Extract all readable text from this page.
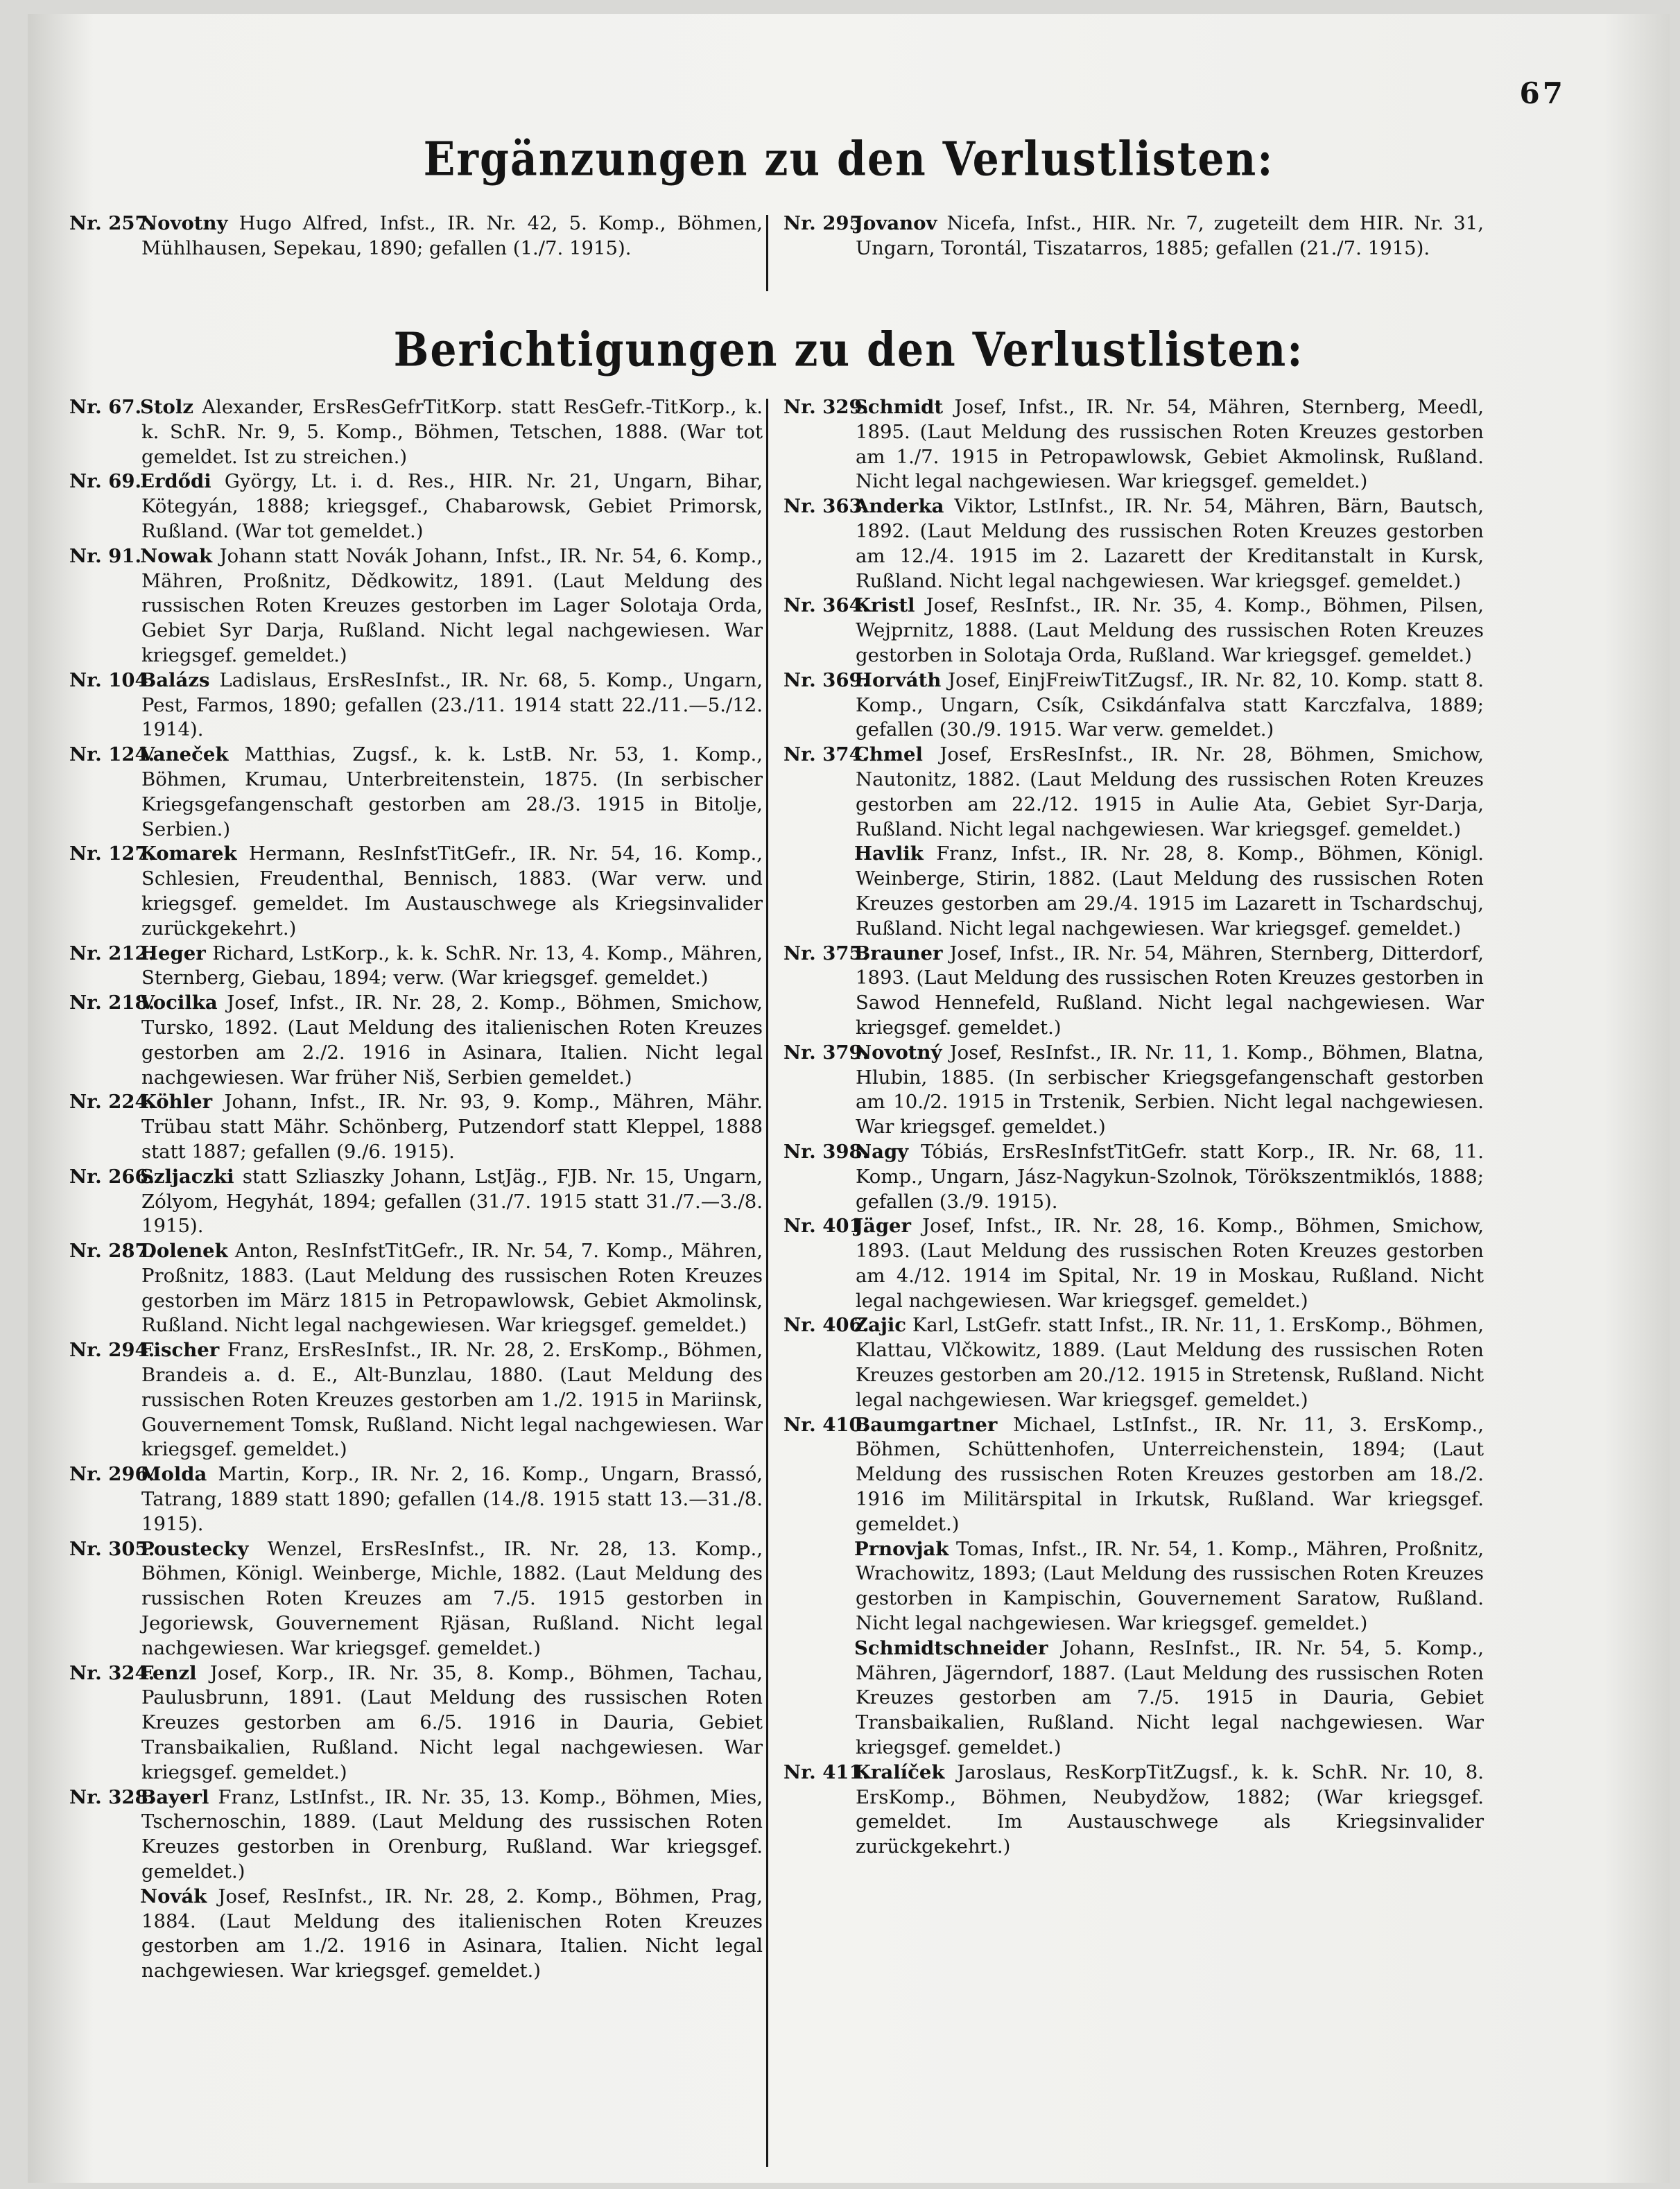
67
Ergänzungen zu den Verlustlisten:

Nr. 257.Novotny Hugo Alfred, Infst., IR. Nr. 42, 5. Komp., Böhmen, Mühlhausen, Sepekau, 1890; gefallen (1./7. 1915).

Nr. 295.Jovanov Nicefa, Infst., HIR. Nr. 7, zugeteilt dem HIR. Nr. 31, Ungarn, Torontál, Tiszatarros, 1885; gefallen (21./7. 1915).

Berichtigungen zu den Verlustlisten:

Nr. 67.Stolz Alexander, ErsResGefrTitKorp. statt ResGefr.-TitKorp., k. k. SchR. Nr. 9, 5. Komp., Böhmen, Tetschen, 1888. (War tot gemeldet. Ist zu streichen.)

Nr. 69.Erdődi György, Lt. i. d. Res., HIR. Nr. 21, Ungarn, Bihar, Kötegyán, 1888; kriegsgef., Chabarowsk, Gebiet Primorsk, Rußland. (War tot gemeldet.)

Nr. 91.Nowak Johann statt Novák Johann, Infst., IR. Nr. 54, 6. Komp., Mähren, Proßnitz, Dědkowitz, 1891. (Laut Meldung des russischen Roten Kreuzes gestorben im Lager Solotaja Orda, Gebiet Syr Darja, Rußland. Nicht legal nachgewiesen. War kriegsgef. gemeldet.)

Nr. 104.Balázs Ladislaus, ErsResInfst., IR. Nr. 68, 5. Komp., Ungarn, Pest, Farmos, 1890; gefallen (23./11. 1914 statt 22./11.—5./12. 1914).

Nr. 124.Vaneček Matthias, Zugsf., k. k. LstB. Nr. 53, 1. Komp., Böhmen, Krumau, Unterbreitenstein, 1875. (In serbischer Kriegsgefangenschaft gestorben am 28./3. 1915 in Bitolje, Serbien.)

Nr. 127.Komarek Hermann, ResInfstTitGefr., IR. Nr. 54, 16. Komp., Schlesien, Freudenthal, Bennisch, 1883. (War verw. und kriegsgef. gemeldet. Im Austauschwege als Kriegsinvalider zurückgekehrt.)

Nr. 212.Heger Richard, LstKorp., k. k. SchR. Nr. 13, 4. Komp., Mähren, Sternberg, Giebau, 1894; verw. (War kriegsgef. gemeldet.)

Nr. 218.Vocilka Josef, Infst., IR. Nr. 28, 2. Komp., Böhmen, Smichow, Tursko, 1892. (Laut Meldung des italienischen Roten Kreuzes gestorben am 2./2. 1916 in Asinara, Italien. Nicht legal nachgewiesen. War früher Niš, Serbien gemeldet.)

Nr. 224.Köhler Johann, Infst., IR. Nr. 93, 9. Komp., Mähren, Mähr. Trübau statt Mähr. Schönberg, Putzendorf statt Kleppel, 1888 statt 1887; gefallen (9./6. 1915).

Nr. 266.Szljaczki statt Szliaszky Johann, LstJäg., FJB. Nr. 15, Ungarn, Zólyom, Hegyhát, 1894; gefallen (31./7. 1915 statt 31./7.—3./8. 1915).

Nr. 287.Dolenek Anton, ResInfstTitGefr., IR. Nr. 54, 7. Komp., Mähren, Proßnitz, 1883. (Laut Meldung des russischen Roten Kreuzes gestorben im März 1815 in Petropawlowsk, Gebiet Akmolinsk, Rußland. Nicht legal nachgewiesen. War kriegsgef. gemeldet.)

Nr. 294.Fischer Franz, ErsResInfst., IR. Nr. 28, 2. ErsKomp., Böhmen, Brandeis a. d. E., Alt-Bunzlau, 1880. (Laut Meldung des russischen Roten Kreuzes gestorben am 1./2. 1915 in Mariinsk, Gouvernement Tomsk, Rußland. Nicht legal nachgewiesen. War kriegsgef. gemeldet.)

Nr. 296.Molda Martin, Korp., IR. Nr. 2, 16. Komp., Ungarn, Brassó, Tatrang, 1889 statt 1890; gefallen (14./8. 1915 statt 13.—31./8. 1915).

Nr. 305.Pousteckу Wenzel, ErsResInfst., IR. Nr. 28, 13. Komp., Böhmen, Königl. Weinberge, Michle, 1882. (Laut Meldung des russischen Roten Kreuzes am 7./5. 1915 gestorben in Jegoriewsk, Gouvernement Rjäsan, Rußland. Nicht legal nachgewiesen. War kriegsgef. gemeldet.)

Nr. 324.Fenzl Josef, Korp., IR. Nr. 35, 8. Komp., Böhmen, Tachau, Paulusbrunn, 1891. (Laut Meldung des russischen Roten Kreuzes gestorben am 6./5. 1916 in Dauria, Gebiet Transbaikalien, Rußland. Nicht legal nachgewiesen. War kriegsgef. gemeldet.)

Nr. 328.Bayerl Franz, LstInfst., IR. Nr. 35, 13. Komp., Böhmen, Mies, Tschernoschin, 1889. (Laut Meldung des russischen Roten Kreuzes gestorben in Orenburg, Rußland. War kriegsgef. gemeldet.)

Novák Josef, ResInfst., IR. Nr. 28, 2. Komp., Böhmen, Prag, 1884. (Laut Meldung des italienischen Roten Kreuzes gestorben am 1./2. 1916 in Asinara, Italien. Nicht legal nachgewiesen. War kriegsgef. gemeldet.)

Nr. 329.Schmidt Josef, Infst., IR. Nr. 54, Mähren, Sternberg, Meedl, 1895. (Laut Meldung des russischen Roten Kreuzes gestorben am 1./7. 1915 in Petropawlowsk, Gebiet Akmolinsk, Rußland. Nicht legal nachgewiesen. War kriegsgef. gemeldet.)

Nr. 363.Anderka Viktor, LstInfst., IR. Nr. 54, Mähren, Bärn, Bautsch, 1892. (Laut Meldung des russischen Roten Kreuzes gestorben am 12./4. 1915 im 2. Lazarett der Kreditanstalt in Kursk, Rußland. Nicht legal nachgewiesen. War kriegsgef. gemeldet.)

Nr. 364.Kristl Josef, ResInfst., IR. Nr. 35, 4. Komp., Böhmen, Pilsen, Wejprnitz, 1888. (Laut Meldung des russischen Roten Kreuzes gestorben in Solotaja Orda, Rußland. War kriegsgef. gemeldet.)

Nr. 369.Horváth Josef, EinjFreiwTitZugsf., IR. Nr. 82, 10. Komp. statt 8. Komp., Ungarn, Csík, Csikdánfalva statt Karczfalva, 1889; gefallen (30./9. 1915. War verw. gemeldet.)

Nr. 374.Chmel Josef, ErsResInfst., IR. Nr. 28, Böhmen, Smichow, Nautonitz, 1882. (Laut Meldung des russischen Roten Kreuzes gestorben am 22./12. 1915 in Aulie Ata, Gebiet Syr-Darja, Rußland. Nicht legal nachgewiesen. War kriegsgef. gemeldet.)

Havlik Franz, Infst., IR. Nr. 28, 8. Komp., Böhmen, Königl. Weinberge, Stirin, 1882. (Laut Meldung des russischen Roten Kreuzes gestorben am 29./4. 1915 im Lazarett in Tschardschuj, Rußland. Nicht legal nachgewiesen. War kriegsgef. gemeldet.)

Nr. 375.Brauner Josef, Infst., IR. Nr. 54, Mähren, Sternberg, Ditterdorf, 1893. (Laut Meldung des russischen Roten Kreuzes gestorben in Sawod Hennefeld, Rußland. Nicht legal nachgewiesen. War kriegsgef. gemeldet.)

Nr. 379.Novotný Josef, ResInfst., IR. Nr. 11, 1. Komp., Böhmen, Blatna, Hlubin, 1885. (In serbischer Kriegsgefangenschaft gestorben am 10./2. 1915 in Trstenik, Serbien. Nicht legal nachgewiesen. War kriegsgef. gemeldet.)

Nr. 398.Nagy Tóbiás, ErsResInfstTitGefr. statt Korp., IR. Nr. 68, 11. Komp., Ungarn, Jász-Nagykun-Szolnok, Törökszentmiklós, 1888; gefallen (3./9. 1915).

Nr. 401.Jäger Josef, Infst., IR. Nr. 28, 16. Komp., Böhmen, Smichow, 1893. (Laut Meldung des russischen Roten Kreuzes gestorben am 4./12. 1914 im Spital, Nr. 19 in Moskau, Rußland. Nicht legal nachgewiesen. War kriegsgef. gemeldet.)

Nr. 406.Zajic Karl, LstGefr. statt Infst., IR. Nr. 11, 1. ErsKomp., Böhmen, Klattau, Vlčkowitz, 1889. (Laut Meldung des russischen Roten Kreuzes gestorben am 20./12. 1915 in Stretensk, Rußland. Nicht legal nachgewiesen. War kriegsgef. gemeldet.)

Nr. 410.Baumgartner Michael, LstInfst., IR. Nr. 11, 3. ErsKomp., Böhmen, Schüttenhofen, Unterreichenstein, 1894; (Laut Meldung des russischen Roten Kreuzes gestorben am 18./2. 1916 im Militärspital in Irkutsk, Rußland. War kriegsgef. gemeldet.)

Prnovjak Tomas, Infst., IR. Nr. 54, 1. Komp., Mähren, Proßnitz, Wrachowitz, 1893; (Laut Meldung des russischen Roten Kreuzes gestorben in Kampischin, Gouvernement Saratow, Rußland. Nicht legal nachgewiesen. War kriegsgef. gemeldet.)

Schmidtschneider Johann, ResInfst., IR. Nr. 54, 5. Komp., Mähren, Jägerndorf, 1887. (Laut Meldung des russischen Roten Kreuzes gestorben am 7./5. 1915 in Dauria, Gebiet Transbaikalien, Rußland. Nicht legal nachgewiesen. War kriegsgef. gemeldet.)

Nr. 411.Kralíček Jaroslaus, ResKorpTitZugsf., k. k. SchR. Nr. 10, 8. ErsKomp., Böhmen, Neubydžow, 1882; (War kriegsgef. gemeldet. Im Austauschwege als Kriegsinvalider zurückgekehrt.)
